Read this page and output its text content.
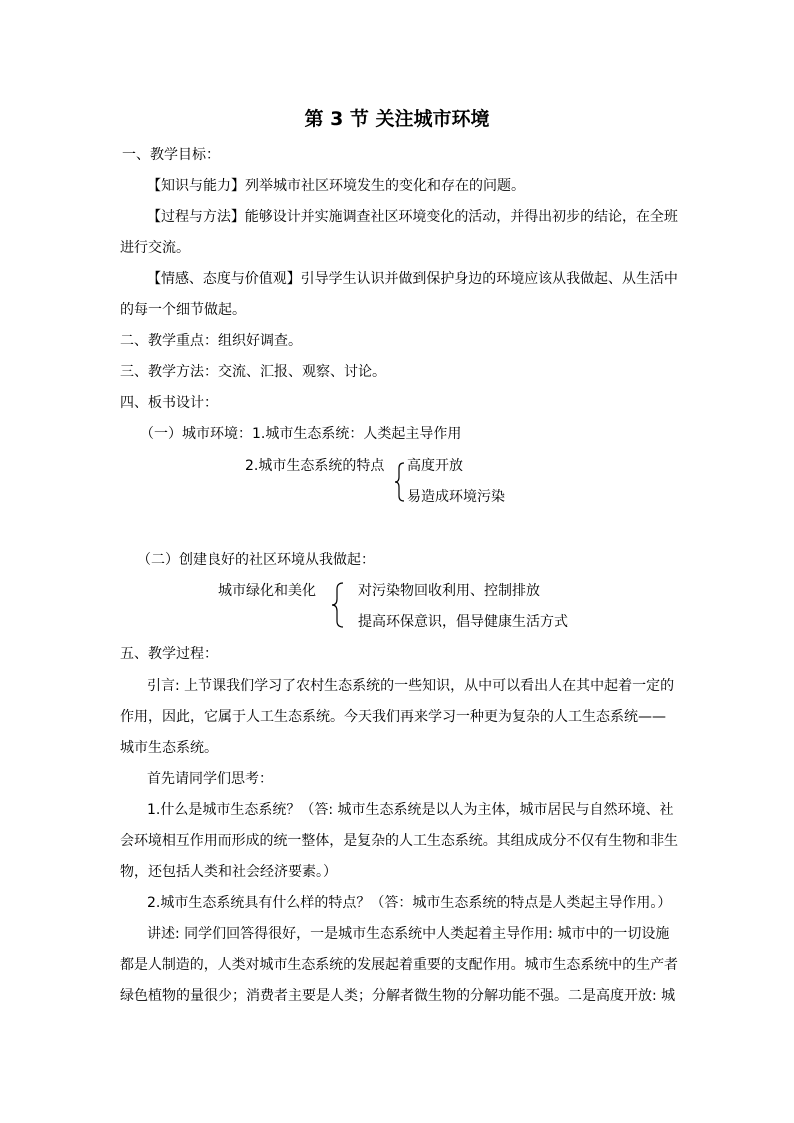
第 3 节 关注城市环境
一、教学目标：
【知识与能力】列举城市社区环境发生的变化和存在的问题。
【过程与方法】能够设计并实施调查社区环境变化的活动，并得出初步的结论，在全班
进行交流。
【情感、态度与价值观】引导学生认识并做到保护身边的环境应该从我做起、从生活中
的每一个细节做起。
二、教学重点：组织好调查。
三、教学方法：交流、汇报、观察、讨论。
四、板书设计：
（一）城市环境：1.城市生态系统：人类起主导作用
2.城市生态系统的特点 高度开放
易造成环境污染
（二）创建良好的社区环境从我做起：
城市绿化和美化	对污染物回收利用、控制排放
提高环保意识，倡导健康生活方式
五、教学过程：
引言: 上节课我们学习了农村生态系统的一些知识，从中可以看出人在其中起着一定的
作用，因此，它属于人工生态系统。今天我们再来学习一种更为复杂的人工生态系统——
城市生态系统。
首先请同学们思考：
1.什么是城市生态系统？（答: 城市生态系统是以人为主体，城市居民与自然环境、社
会环境相互作用而形成的统一整体，是复杂的人工生态系统。其组成成分不仅有生物和非生
物，还包括人类和社会经济要素。）
2.城市生态系统具有什么样的特点？（答：城市生态系统的特点是人类起主导作用。）
讲述: 同学们回答得很好，一是城市生态系统中人类起着主导作用: 城市中的一切设施
都是人制造的，人类对城市生态系统的发展起着重要的支配作用。城市生态系统中的生产者
绿色植物的量很少；消费者主要是人类；分解者微生物的分解功能不强。二是高度开放: 城
